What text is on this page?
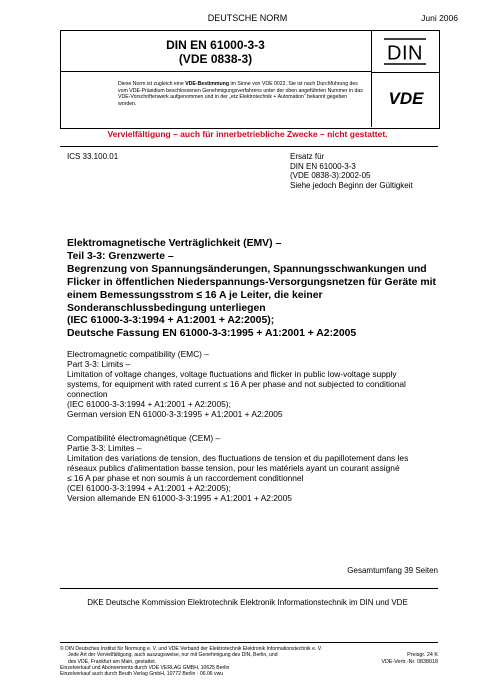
DEUTSCHE NORM	Juni 2006
DIN EN 61000-3-3
(VDE 0838-3)	DIN
VDE
Diese Norm ist zugleich eine VDE-Bestimmung im Sinne von VDE 0022. Sie ist nach Durchführung des vom VDE-Präsidium beschlossenen Genehmigungsverfahrens unter der oben angeführten Nummer in das VDE-Vorschriftenwerk aufgenommen und in der „etz Elektrotechnik + Automation“ bekannt gegeben worden.
Vervielfältigung – auch für innerbetriebliche Zwecke – nicht gestattet.
ICS 33.100.01	Ersatz für
DIN EN 61000-3-3
(VDE 0838-3):2002-05
Siehe jedoch Beginn der Gültigkeit
Elektromagnetische Verträglichkeit (EMV) –
Teil 3-3: Grenzwerte –
Begrenzung von Spannungsänderungen, Spannungsschwankungen und
Flicker in öffentlichen Niederspannungs-Versorgungsnetzen für Geräte mit
einem Bemessungsstrom ≤ 16 A je Leiter, die keiner
Sonderanschlussbedingung unterliegen
(IEC 61000-3-3:1994 + A1:2001 + A2:2005);
Deutsche Fassung EN 61000-3-3:1995 + A1:2001 + A2:2005
Electromagnetic compatibility (EMC) –
Part 3-3: Limits –
Limitation of voltage changes, voltage fluctuations and flicker in public low-voltage supply
systems, for equipment with rated current ≤ 16 A per phase and not subjected to conditional
connection
(IEC 61000-3-3:1994 + A1:2001 + A2:2005);
German version EN 61000-3-3:1995 + A1:2001 + A2:2005
Compatibilité électromagnétique (CEM) –
Partie 3-3: Limites –
Limitation des variations de tension, des fluctuations de tension et du papillotement dans les
réseaux publics d'alimentation basse tension, pour les matériels ayant un courant assigné
≤ 16 A par phase et non soumis à un raccordement conditionnel
(CEI 61000-3-3:1994 + A1:2001 + A2:2005);
Version allemande EN 61000-3-3:1995 + A1:2001 + A2:2005
Gesamtumfang 39 Seiten
DKE Deutsche Kommission Elektrotechnik Elektronik Informationstechnik im DIN und VDE
© DIN Deutsches Institut für Normung e. V. und VDE Verband der Elektrotechnik Elektronik Informationstechnik e. V.
Jede Art der Vervielfältigung, auch auszugsweise, nur mit Genehmigung des DIN, Berlin, und
des VDE, Frankfurt am Main, gestattet.
Einzelverkauf und Abonnements durch VDE VERLAG GMBH, 10625 Berlin
Einzelverkauf auch durch Beuth Verlag GmbH, 10772 Berlin · 06.06 vwu
Preisgr. 24 K
VDE-Vertr.-Nr. 0838018
